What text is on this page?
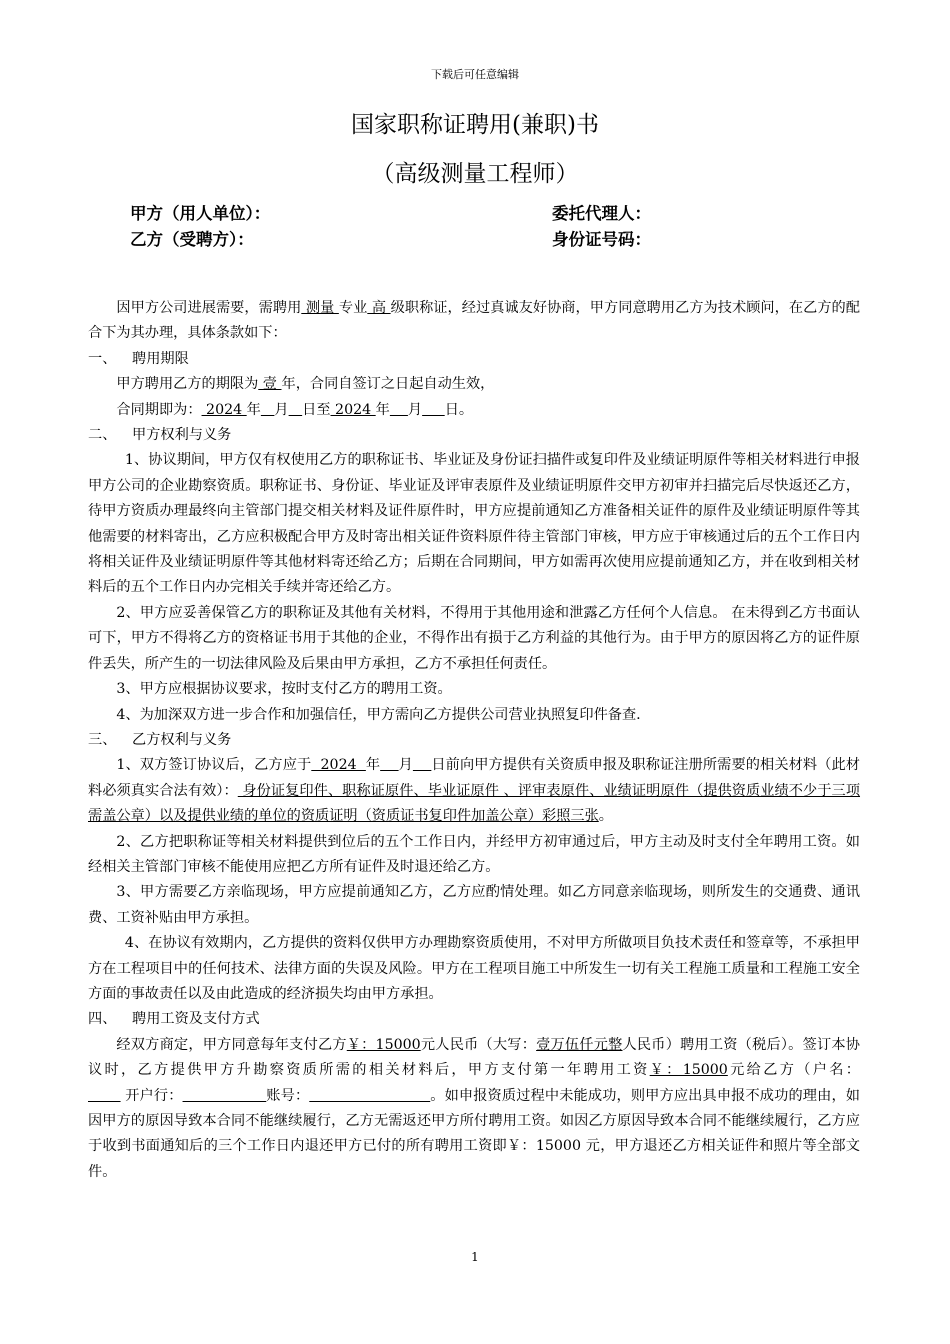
下载后可任意编辑
国家职称证聘用(兼职)书
（高级测量工程师）
甲方（用人单位）：	委托代理人：
乙方（受聘方）：	身份证号码：

因甲方公司进展需要，需聘用 测量 专业 高 级职称证，经过真诚友好协商，甲方同意聘用乙方为技术顾问，在乙方的配合下为其办理，具体条款如下：

一、 聘用期限

甲方聘用乙方的期限为 壹 年，合同自签订之日起自动生效，

合同期即为： 2024 年 月 日至 2024 年 月 日。

二、 甲方权利与义务

1、协议期间，甲方仅有权使用乙方的职称证书、毕业证及身份证扫描件或复印件及业绩证明原件等相关材料进行申报甲方公司的企业勘察资质。职称证书、身份证、毕业证及评审表原件及业绩证明原件交甲方初审并扫描完后尽快返还乙方，待甲方资质办理最终向主管部门提交相关材料及证件原件时，甲方应提前通知乙方准备相关证件的原件及业绩证明原件等其他需要的材料寄出，乙方应积极配合甲方及时寄出相关证件资料原件待主管部门审核，甲方应于审核通过后的五个工作日内将相关证件及业绩证明原件等其他材料寄还给乙方；后期在合同期间，甲方如需再次使用应提前通知乙方，并在收到相关材料后的五个工作日内办完相关手续并寄还给乙方。

2、甲方应妥善保管乙方的职称证及其他有关材料，不得用于其他用途和泄露乙方任何个人信息。 在未得到乙方书面认可下，甲方不得将乙方的资格证书用于其他的企业，不得作出有损于乙方利益的其他行为。由于甲方的原因将乙方的证件原件丢失，所产生的一切法律风险及后果由甲方承担，乙方不承担任何责任。

3、甲方应根据协议要求，按时支付乙方的聘用工资。

4、为加深双方进一步合作和加强信任，甲方需向乙方提供公司营业执照复印件备查.

三、 乙方权利与义务

1、双方签订协议后，乙方应于  2024  年 月 日前向甲方提供有关资质申报及职称证注册所需要的相关材料（此材料必须真实合法有效）： 身份证复印件、职称证原件、毕业证原件 、评审表原件、业绩证明原件（提供资质业绩不少于三项需盖公章）以及提供业绩的单位的资质证明（资质证书复印件加盖公章）彩照三张。

2、乙方把职称证等相关材料提供到位后的五个工作日内，并经甲方初审通过后，甲方主动及时支付全年聘用工资。如经相关主管部门审核不能使用应把乙方所有证件及时退还给乙方。

3、甲方需要乙方亲临现场，甲方应提前通知乙方，乙方应酌情处理。如乙方同意亲临现场，则所发生的交通费、通讯费、工资补贴由甲方承担。

4、在协议有效期内，乙方提供的资料仅供甲方办理勘察资质使用，不对甲方所做项目负技术责任和签章等，不承担甲方在工程项目中的任何技术、法律方面的失误及风险。甲方在工程项目施工中所发生一切有关工程施工质量和工程施工安全方面的事故责任以及由此造成的经济损失均由甲方承担。

四、 聘用工资及支付方式

经双方商定，甲方同意每年支付乙方￥：15000元人民币（大写：壹万伍仟元整人民币）聘用工资（税后）。签订本协议时，乙方提供甲方升勘察资质所需的相关材料后，甲方支付第一年聘用工资￥：15000元给乙方（户名：        开户行：	账号：	。如申报资质过程中未能成功，则甲方应出具申报不成功的理由，如因甲方的原因导致本合同不能继续履行，乙方无需返还甲方所付聘用工资。如因乙方原因导致本合同不能继续履行，乙方应于收到书面通知后的三个工作日内退还甲方已付的所有聘用工资即￥：15000 元，甲方退还乙方相关证件和照片等全部文件。

1
